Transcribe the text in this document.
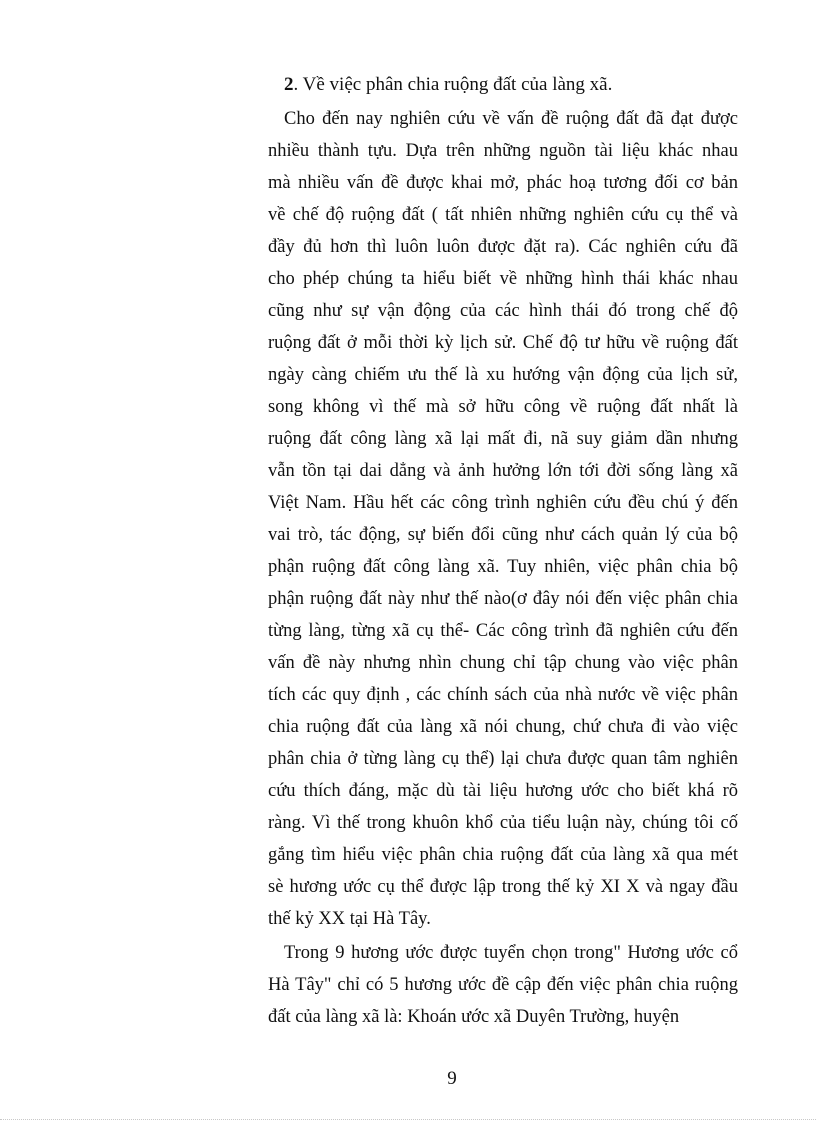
2. Về việc phân chia ruộng đất của làng xã.
Cho đến nay nghiên cứu về vấn đề ruộng đất đã đạt được
nhiều thành tựu. Dựa trên những nguồn tài liệu khác nhau
mà nhiều vấn đề được khai mở, phác hoạ tương đối cơ bản
về chế độ ruộng đất ( tất nhiên những nghiên cứu cụ thể và
đầy đủ hơn thì luôn luôn được đặt ra). Các nghiên cứu đã
cho phép chúng ta hiểu biết về những hình thái khác nhau
cũng như sự vận động của các hình thái đó trong chế độ
ruộng đất ở mỗi thời kỳ lịch sử. Chế độ tư hữu về ruộng đất
ngày càng chiếm ưu thế là xu hướng vận động của lịch sử,
song không vì thế mà sở hữu công về ruộng đất nhất là
ruộng đất công làng xã lại mất đi, nã suy giảm dần nhưng
vẫn tồn tại dai dẳng và ảnh hưởng lớn tới đời sống làng xã
Việt Nam. Hầu hết các công trình nghiên cứu đều chú ý đến
vai trò, tác động, sự biến đổi cũng như cách quản lý của bộ
phận ruộng đất công làng xã. Tuy nhiên, việc phân chia bộ
phận ruộng đất này như thế nào(ơ đây nói đến việc phân chia
từng làng, từng xã cụ thể- Các công trình đã nghiên cứu đến
vấn đề này nhưng nhìn chung chỉ tập chung vào việc phân
tích các quy định , các chính sách của nhà nước về việc phân
chia ruộng đất của làng xã nói chung, chứ chưa đi vào việc
phân chia ở từng làng cụ thể) lại chưa được quan tâm nghiên
cứu thích đáng, mặc dù tài liệu hương ước cho biết khá rõ
ràng. Vì thế trong khuôn khổ của tiểu luận này, chúng tôi cố
gắng tìm hiểu việc phân chia ruộng đất của làng xã qua mét
sè hương ước cụ thể được lập trong thế kỷ XI X và ngay đầu
thế kỷ XX tại Hà Tây.
Trong 9 hương ước được tuyển chọn trong" Hương ước cổ
Hà Tây" chỉ có 5 hương ước đề cập đến việc phân chia ruộng
đất của làng xã là: Khoán ước xã Duyên Trường, huyện
9
